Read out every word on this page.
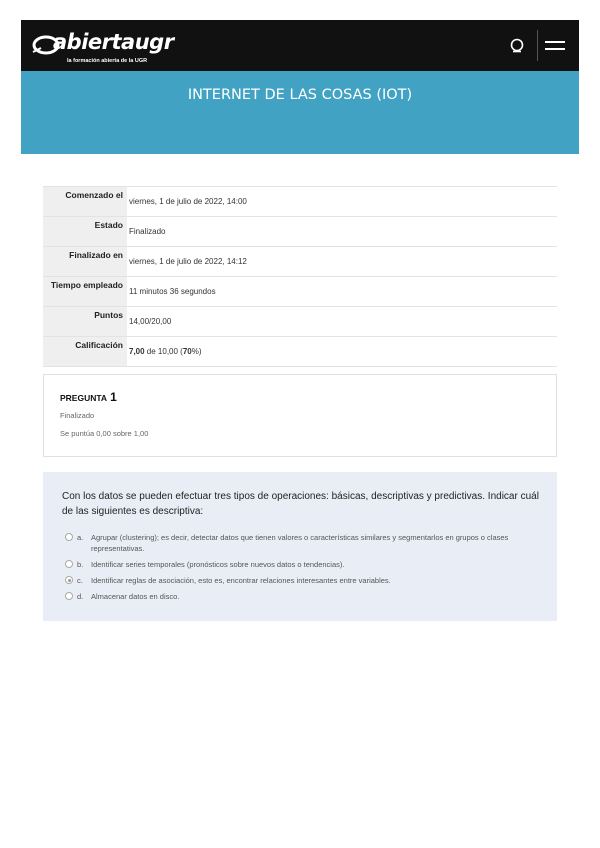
abiertaugr
la formación abierta de la UGR
INTERNET DE LAS COSAS (IOT)
Comenzado el	viernes, 1 de julio de 2022, 14:00
Estado	Finalizado
Finalizado en	viernes, 1 de julio de 2022, 14:12
Tiempo empleado	11 minutos 36 segundos
Puntos	14,00/20,00
Calificación	7,00 de 10,00 (70%)
PREGUNTA 1
Finalizado
Se puntúa 0,00 sobre 1,00
Con los datos se pueden efectuar tres tipos de operaciones: básicas, descriptivas y predictivas. Indicar cuál de las siguientes es descriptiva:
a. Agrupar (clustering); es decir, detectar datos que tienen valores o características similares y segmentarlos en grupos o clases representativas.
b. Identificar series temporales (pronósticos sobre nuevos datos o tendencias).
c. Identificar reglas de asociación, esto es, encontrar relaciones interesantes entre variables.
d. Almacenar datos en disco.
